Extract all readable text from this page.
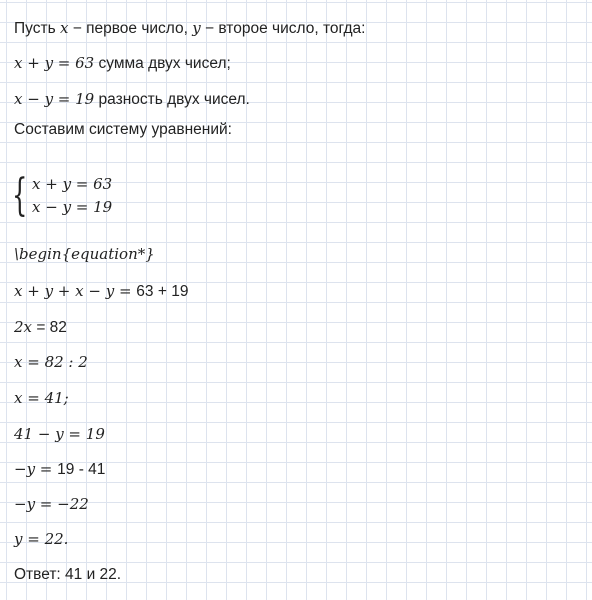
Пусть x − первое число, y − второе число, тогда:
x + y = 63 сумма двух чисел;
x − y = 19 разность двух чисел.
Составим систему уравнений:
{ x + y = 63
x − y = 19
\begin{equation*}
x + y + x − y = 63 + 19
2x = 82
x = 82 : 2
x = 41;
41 − y = 19
−y = 19 - 41
−y = −22
y = 22.
Ответ: 41 и 22.
